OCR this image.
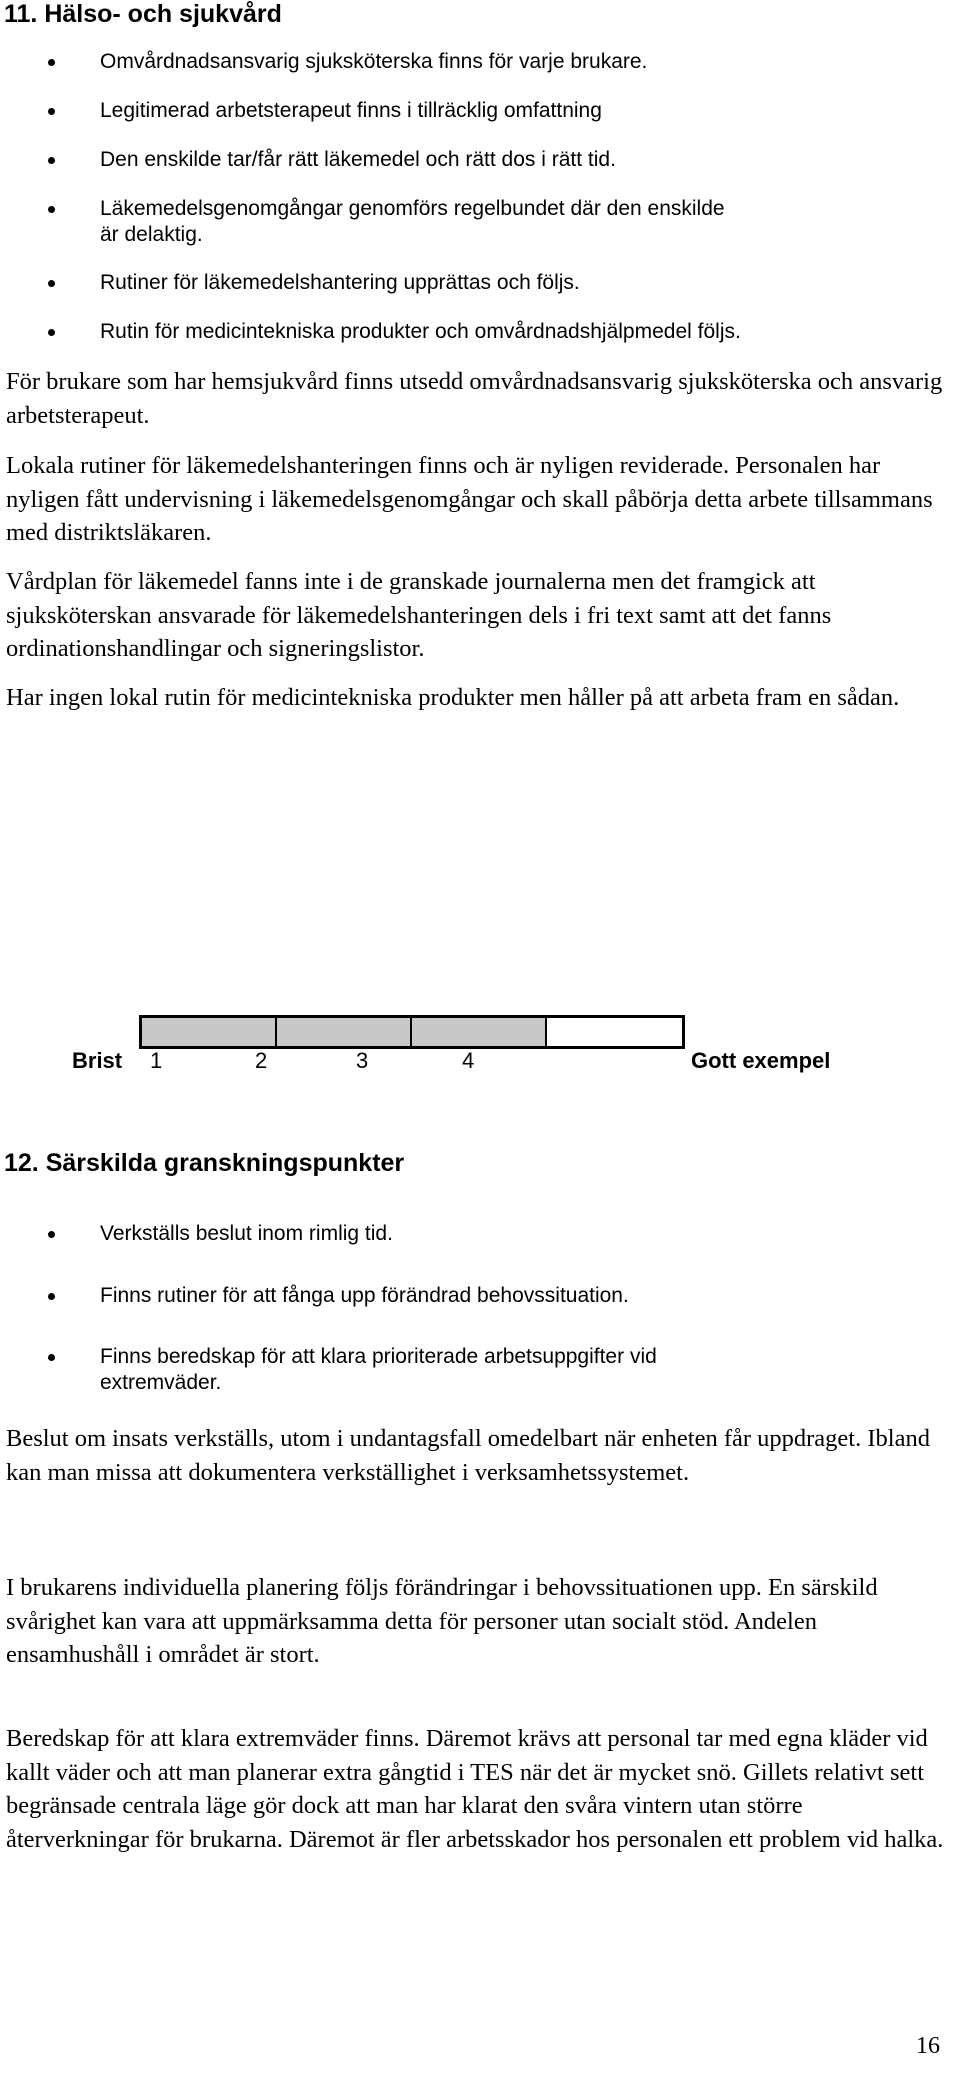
11. Hälso- och sjukvård
Omvårdnadsansvarig sjuksköterska finns för varje brukare.
Legitimerad arbetsterapeut finns i tillräcklig omfattning
Den enskilde tar/får rätt läkemedel och rätt dos i rätt tid.
Läkemedelsgenomgångar genomförs regelbundet där den enskilde är delaktig.
Rutiner för läkemedelshantering upprättas och följs.
Rutin för medicintekniska produkter och omvårdnadshjälpmedel följs.

För brukare som har hemsjukvård finns utsedd omvårdnadsansvarig sjuksköterska och ansvarig arbetsterapeut.

Lokala rutiner för läkemedelshanteringen finns och är nyligen reviderade. Personalen har nyligen fått undervisning i läkemedelsgenomgångar och skall påbörja detta arbete tillsammans med distriktsläkaren.

Vårdplan för läkemedel fanns inte i de granskade journalerna men det framgick att sjuksköterskan ansvarade för läkemedelshanteringen dels i fri text samt att det fanns ordinationshandlingar och signeringslistor.

Har ingen lokal rutin för medicintekniska produkter men håller på att arbeta fram en sådan.

Brist 1	2	3	4	Gott exempel
12. Särskilda granskningspunkter
Verkställs beslut inom rimlig tid.
Finns rutiner för att fånga upp förändrad behovssituation.
Finns beredskap för att klara prioriterade arbetsuppgifter vid extremväder.

Beslut om insats verkställs, utom i undantagsfall omedelbart när enheten får uppdraget. Ibland kan man missa att dokumentera verkställighet i verksamhetssystemet.

I brukarens individuella planering följs förändringar i behovssituationen upp. En särskild svårighet kan vara att uppmärksamma detta för personer utan socialt stöd. Andelen ensamhushåll i området är stort.

Beredskap för att klara extremväder finns. Däremot krävs att personal tar med egna kläder vid kallt väder och att man planerar extra gångtid i TES när det är mycket snö. Gillets relativt sett begränsade centrala läge gör dock att man har klarat den svåra vintern utan större återverkningar för brukarna. Däremot är fler arbetsskador hos personalen ett problem vid halka.

16
